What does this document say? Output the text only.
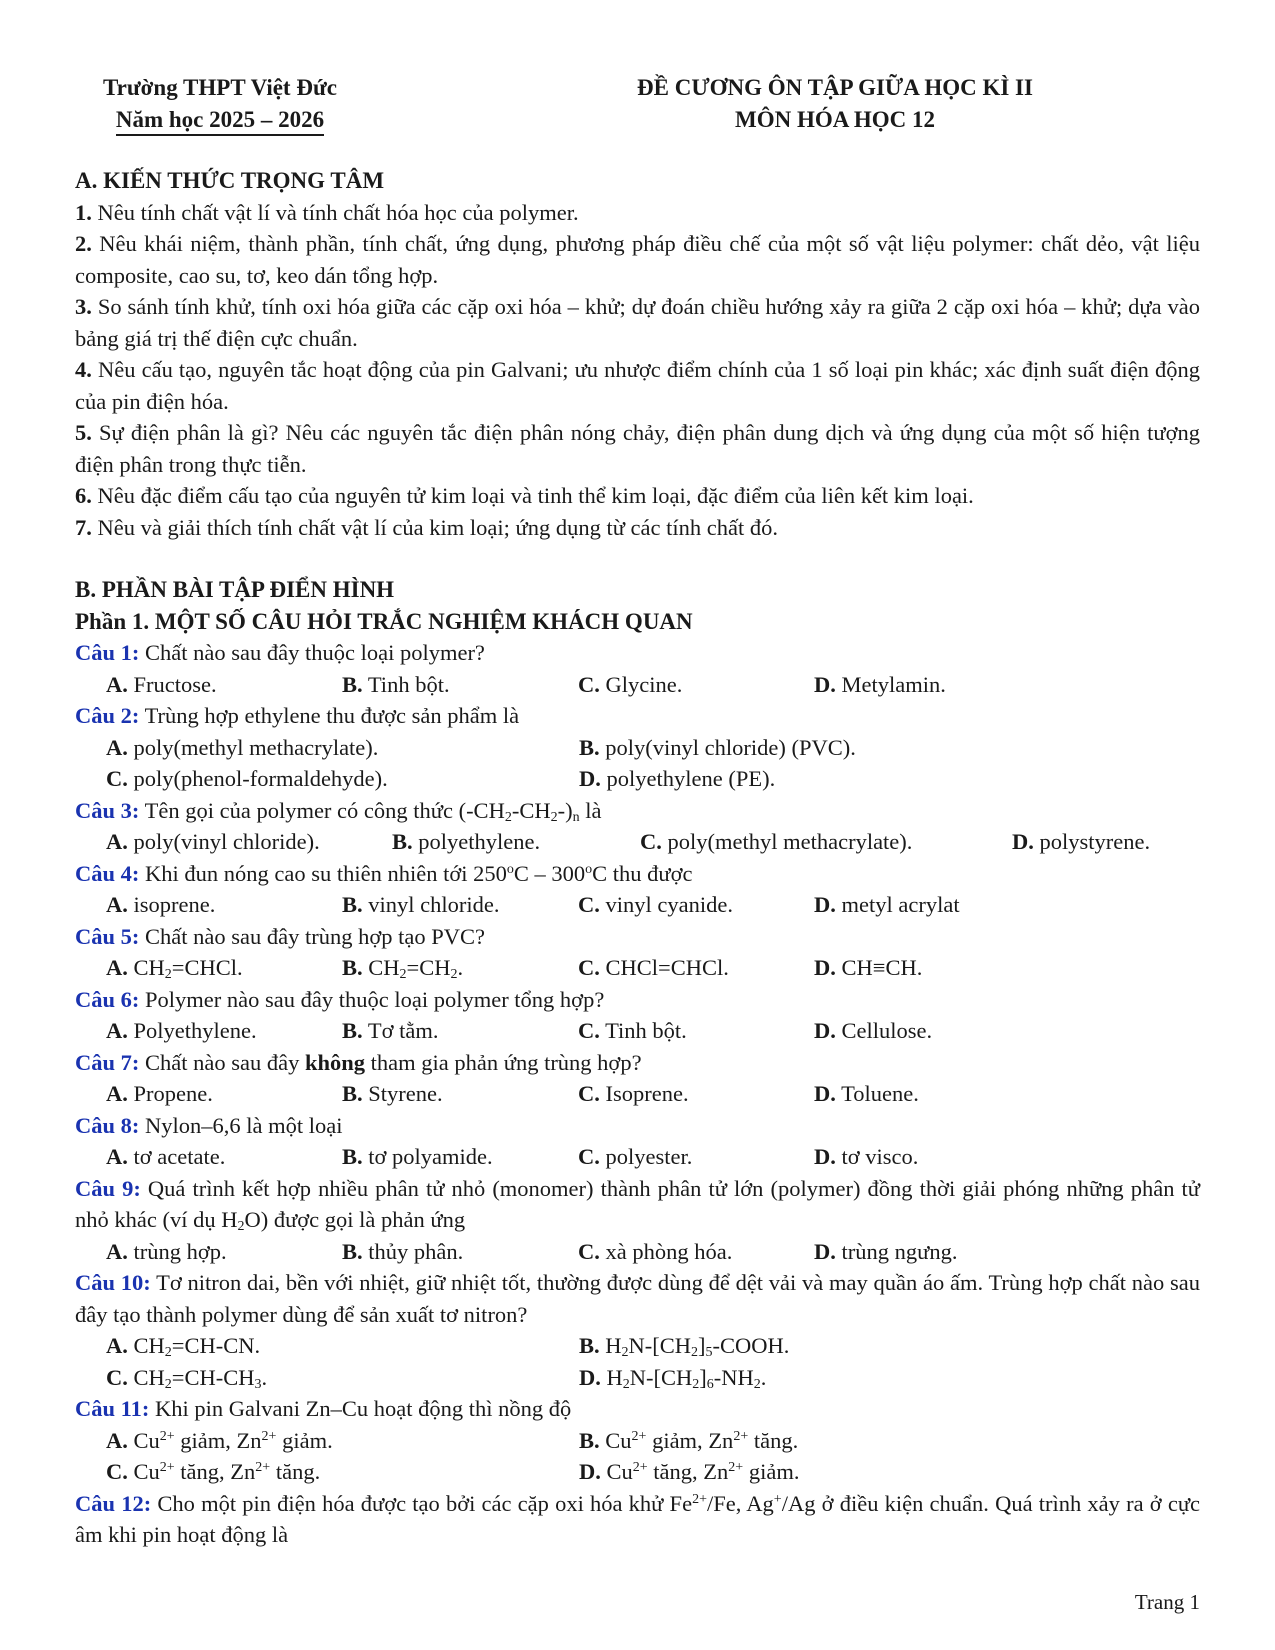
Trường THPT Việt Đức
Năm học 2025 – 2026
ĐỀ CƯƠNG ÔN TẬP GIỮA HỌC KÌ II
MÔN HÓA HỌC 12
A. KIẾN THỨC TRỌNG TÂM
1. Nêu tính chất vật lí và tính chất hóa học của polymer.
2. Nêu khái niệm, thành phần, tính chất, ứng dụng, phương pháp điều chế của một số vật liệu polymer: chất dẻo, vật liệu composite, cao su, tơ, keo dán tổng hợp.
3. So sánh tính khử, tính oxi hóa giữa các cặp oxi hóa – khử; dự đoán chiều hướng xảy ra giữa 2 cặp oxi hóa – khử; dựa vào bảng giá trị thế điện cực chuẩn.
4. Nêu cấu tạo, nguyên tắc hoạt động của pin Galvani; ưu nhược điểm chính của 1 số loại pin khác; xác định suất điện động của pin điện hóa.
5. Sự điện phân là gì? Nêu các nguyên tắc điện phân nóng chảy, điện phân dung dịch và ứng dụng của một số hiện tượng điện phân trong thực tiễn.
6. Nêu đặc điểm cấu tạo của nguyên tử kim loại và tinh thể kim loại, đặc điểm của liên kết kim loại.
7. Nêu và giải thích tính chất vật lí của kim loại; ứng dụng từ các tính chất đó.
B. PHẦN BÀI TẬP ĐIỂN HÌNH
Phần 1. MỘT SỐ CÂU HỎI TRẮC NGHIỆM KHÁCH QUAN
Câu 1: Chất nào sau đây thuộc loại polymer?
A. Fructose.	B. Tinh bột.	C. Glycine.	D. Metylamin.
Câu 2: Trùng hợp ethylene thu được sản phẩm là
A. poly(methyl methacrylate).	B. poly(vinyl chloride) (PVC).
C. poly(phenol-formaldehyde).	D. polyethylene (PE).
Câu 3: Tên gọi của polymer có công thức $(-CH_2-CH_2-)_n$ là
A. poly(vinyl chloride).	B. polyethylene.	C. poly(methyl methacrylate).	D. polystyrene.
Câu 4: Khi đun nóng cao su thiên nhiên tới 250$^o$C – 300$^o$C thu được
A. isoprene.	B. vinyl chloride.	C. vinyl cyanide.	D. metyl acrylat
Câu 5: Chất nào sau đây trùng hợp tạo PVC?
A. $CH_2=CHCl$.	B. $CH_2=CH_2$.	C. CHCl=CHCl.	D. CH≡CH.
Câu 6: Polymer nào sau đây thuộc loại polymer tổng hợp?
A. Polyethylene.	B. Tơ tằm.	C. Tinh bột.	D. Cellulose.
Câu 7: Chất nào sau đây không tham gia phản ứng trùng hợp?
A. Propene.	B. Styrene.	C. Isoprene.	D. Toluene.
Câu 8: Nylon–6,6 là một loại
A. tơ acetate.	B. tơ polyamide.	C. polyester.	D. tơ visco.
Câu 9: Quá trình kết hợp nhiều phân tử nhỏ (monomer) thành phân tử lớn (polymer) đồng thời giải phóng những phân tử nhỏ khác (ví dụ $H_2O$) được gọi là phản ứng
A. trùng hợp.	B. thủy phân.	C. xà phòng hóa.	D. trùng ngưng.
Câu 10: Tơ nitron dai, bền với nhiệt, giữ nhiệt tốt, thường được dùng để dệt vải và may quần áo ấm. Trùng hợp chất nào sau đây tạo thành polymer dùng để sản xuất tơ nitron?
A. $CH_2=CH-CN$.	B. $H_2N-[CH_2]_5$-COOH.
C. $CH_2=CH-CH_3$.	D. $H_2N-[CH_2]_6-NH_2$.
Câu 11: Khi pin Galvani Zn–Cu hoạt động thì nồng độ
A. $Cu^{2+}$ giảm, $Zn^{2+}$ giảm.	B. $Cu^{2+}$ giảm, $Zn^{2+}$ tăng.
C. $Cu^{2+}$ tăng, $Zn^{2+}$ tăng.	D. $Cu^{2+}$ tăng, $Zn^{2+}$ giảm.
Câu 12: Cho một pin điện hóa được tạo bởi các cặp oxi hóa khử $Fe^{2+}/Fe$, Ag+/Ag ở điều kiện chuẩn. Quá trình xảy ra ở cực âm khi pin hoạt động là
Trang 1
